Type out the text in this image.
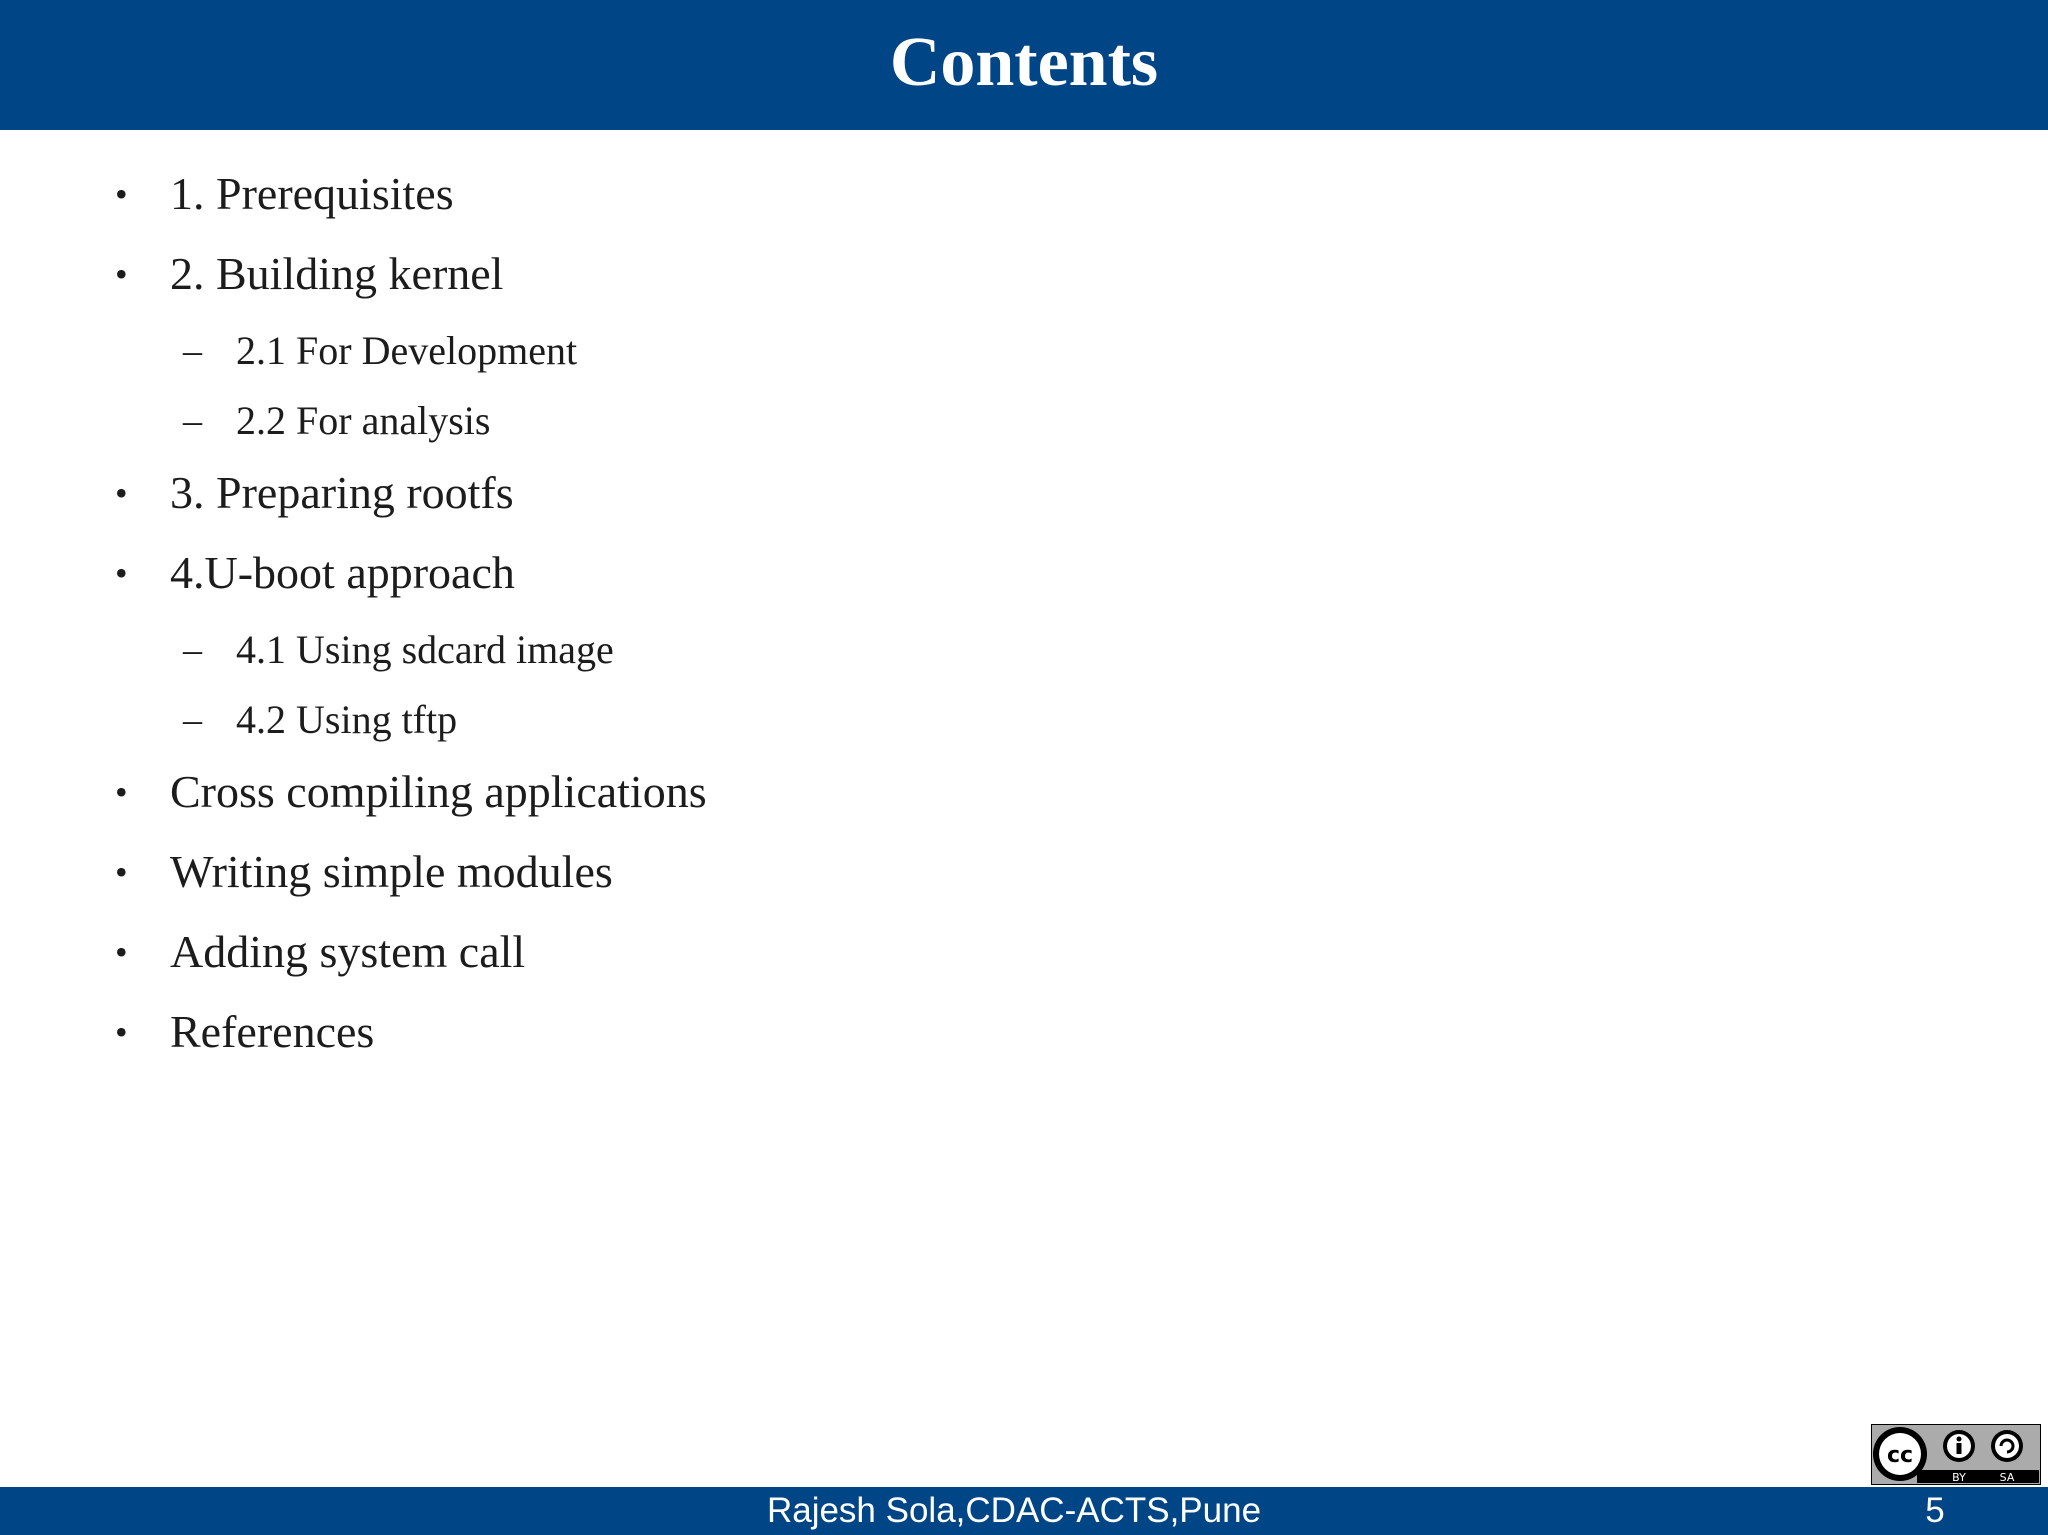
Contents
• 1. Prerequisites
• 2. Building kernel
– 2.1 For Development
– 2.2 For analysis
• 3. Preparing rootfs
• 4.U-boot approach
– 4.1 Using sdcard image
– 4.2 Using tftp
• Cross compiling applications
• Writing simple modules
• Adding system call
• References
cc
BY	SA
Rajesh Sola,CDAC-ACTS,Pune	5
